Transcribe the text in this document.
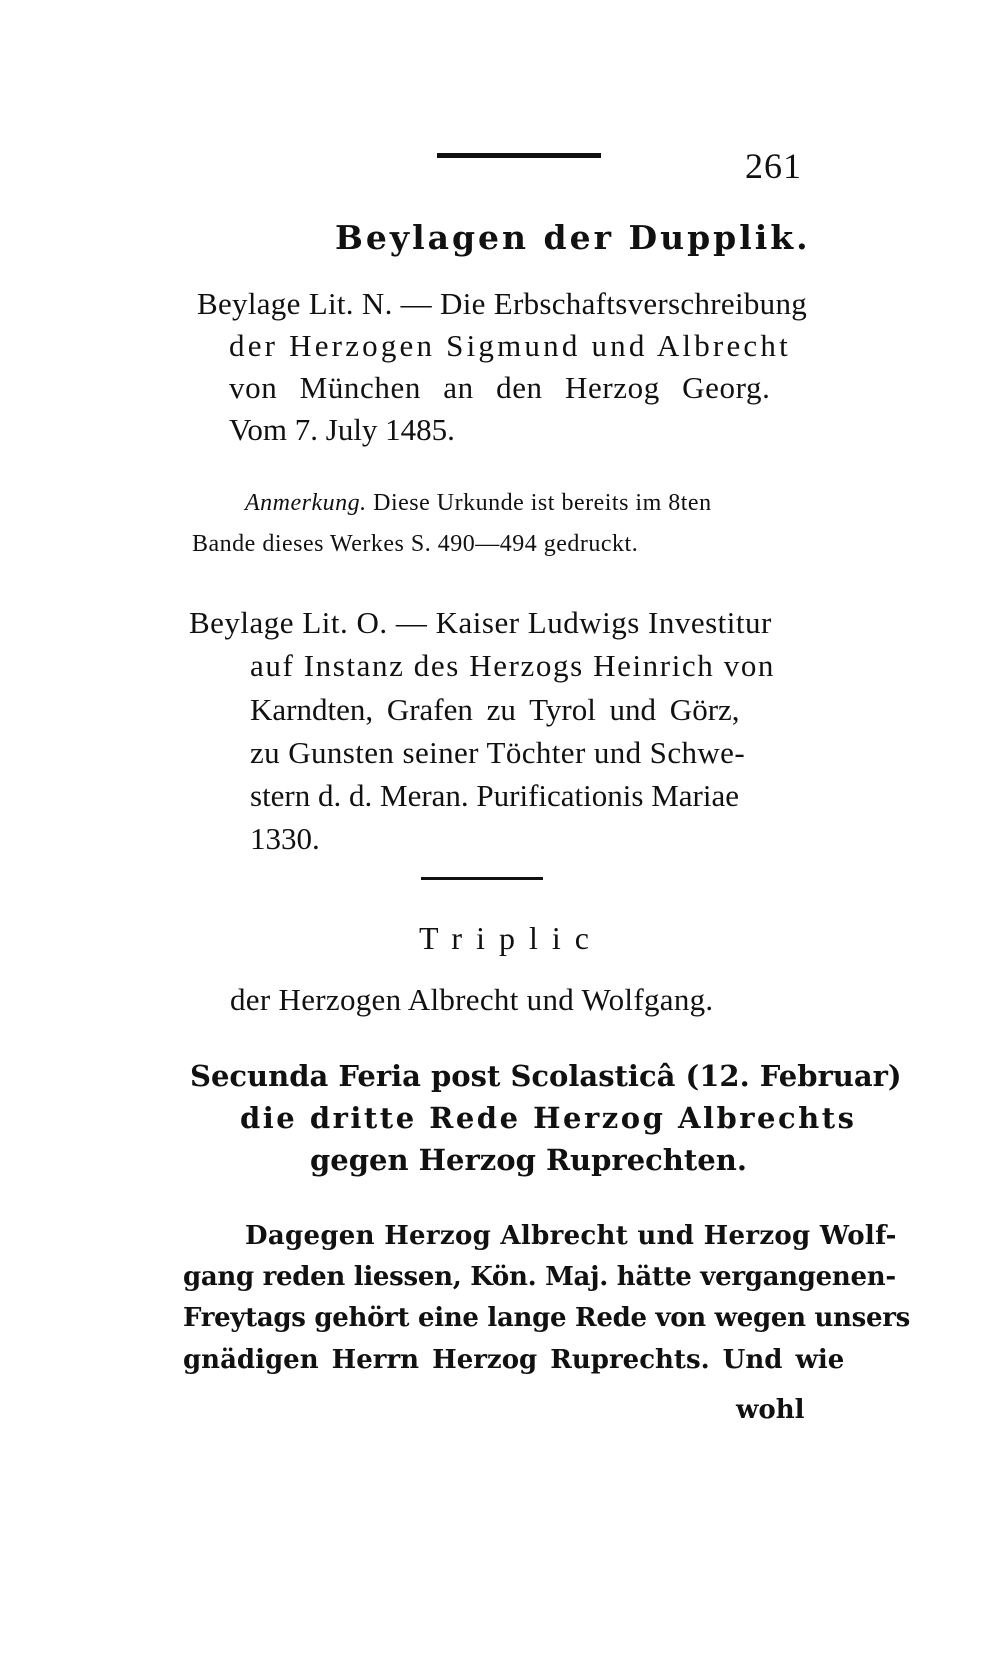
261
Beylagen der Dupplik.
Beylage Lit. N. — Die Erbschaftsverschreibung
der Herzogen Sigmund und Albrecht
von München an den Herzog Georg.
Vom 7. July 1485.
Anmerkung. Diese Urkunde ist bereits im 8ten
Bande dieses Werkes S. 490—494 gedruckt.
Beylage Lit. O. — Kaiser Ludwigs Investitur
auf Instanz des Herzogs Heinrich von
Karndten, Grafen zu Tyrol und Görz,
zu Gunsten seiner Töchter und Schwe-
stern d. d. Meran. Purificationis Mariae
1330.
Triplic
der Herzogen Albrecht und Wolfgang.
Secunda Feria post Scolasticâ (12. Februar)
die dritte Rede Herzog Albrechts
gegen Herzog Ruprechten.
Dagegen Herzog Albrecht und Herzog Wolf-
gang reden liessen, Kön. Maj. hätte vergangenen-
Freytags gehört eine lange Rede von wegen unsers
gnädigen Herrn Herzog Ruprechts. Und wie
wohl
